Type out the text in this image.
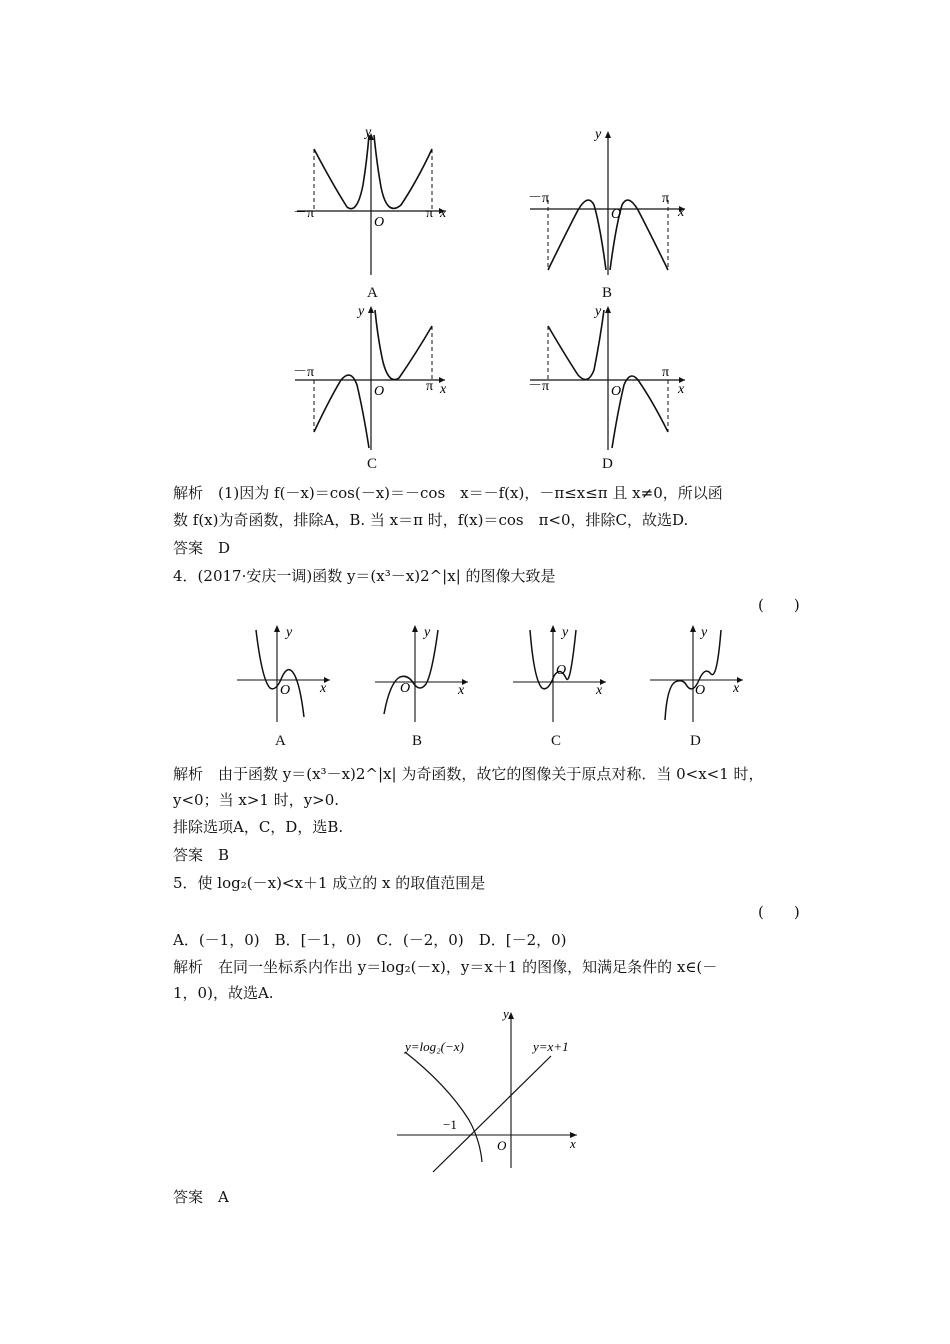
y
x
O
－π	π
A
y
x
O
－π	π
B
y
x
O
－π
π
C
y
x
O
－π
π
D
解析　(1)因为 f(－x)＝cos(－x)＝－cos　x＝－f(x)，－π≤x≤π 且 x≠0，所以函
数 f(x)为奇函数，排除A，B. 当 x＝π 时，f(x)＝cos　π<0，排除C，故选D.
答案　D
4．(2017·安庆一调)函数 y＝(x³－x)2^|x| 的图像大致是
(　　)
y
x
O
A
y
x
O
B
y
x
O
C
y
x
O
D
解析　由于函数 y＝(x³－x)2^|x| 为奇函数，故它的图像关于原点对称．当 0<x<1 时，
y<0；当 x>1 时，y>0.
排除选项A，C，D，选B.
答案　B
5．使 log₂(－x)<x＋1 成立的 x 的取值范围是
(　　)
A．(－1，0)　B．[－1，0)　C．(－2，0)　D．[－2，0)
解析　在同一坐标系内作出 y＝log₂(－x)，y＝x＋1 的图像，知满足条件的 x∈(－
1，0)，故选A.
y
x
O
−1
y=log₂(−x)	y=x+1
答案　A
